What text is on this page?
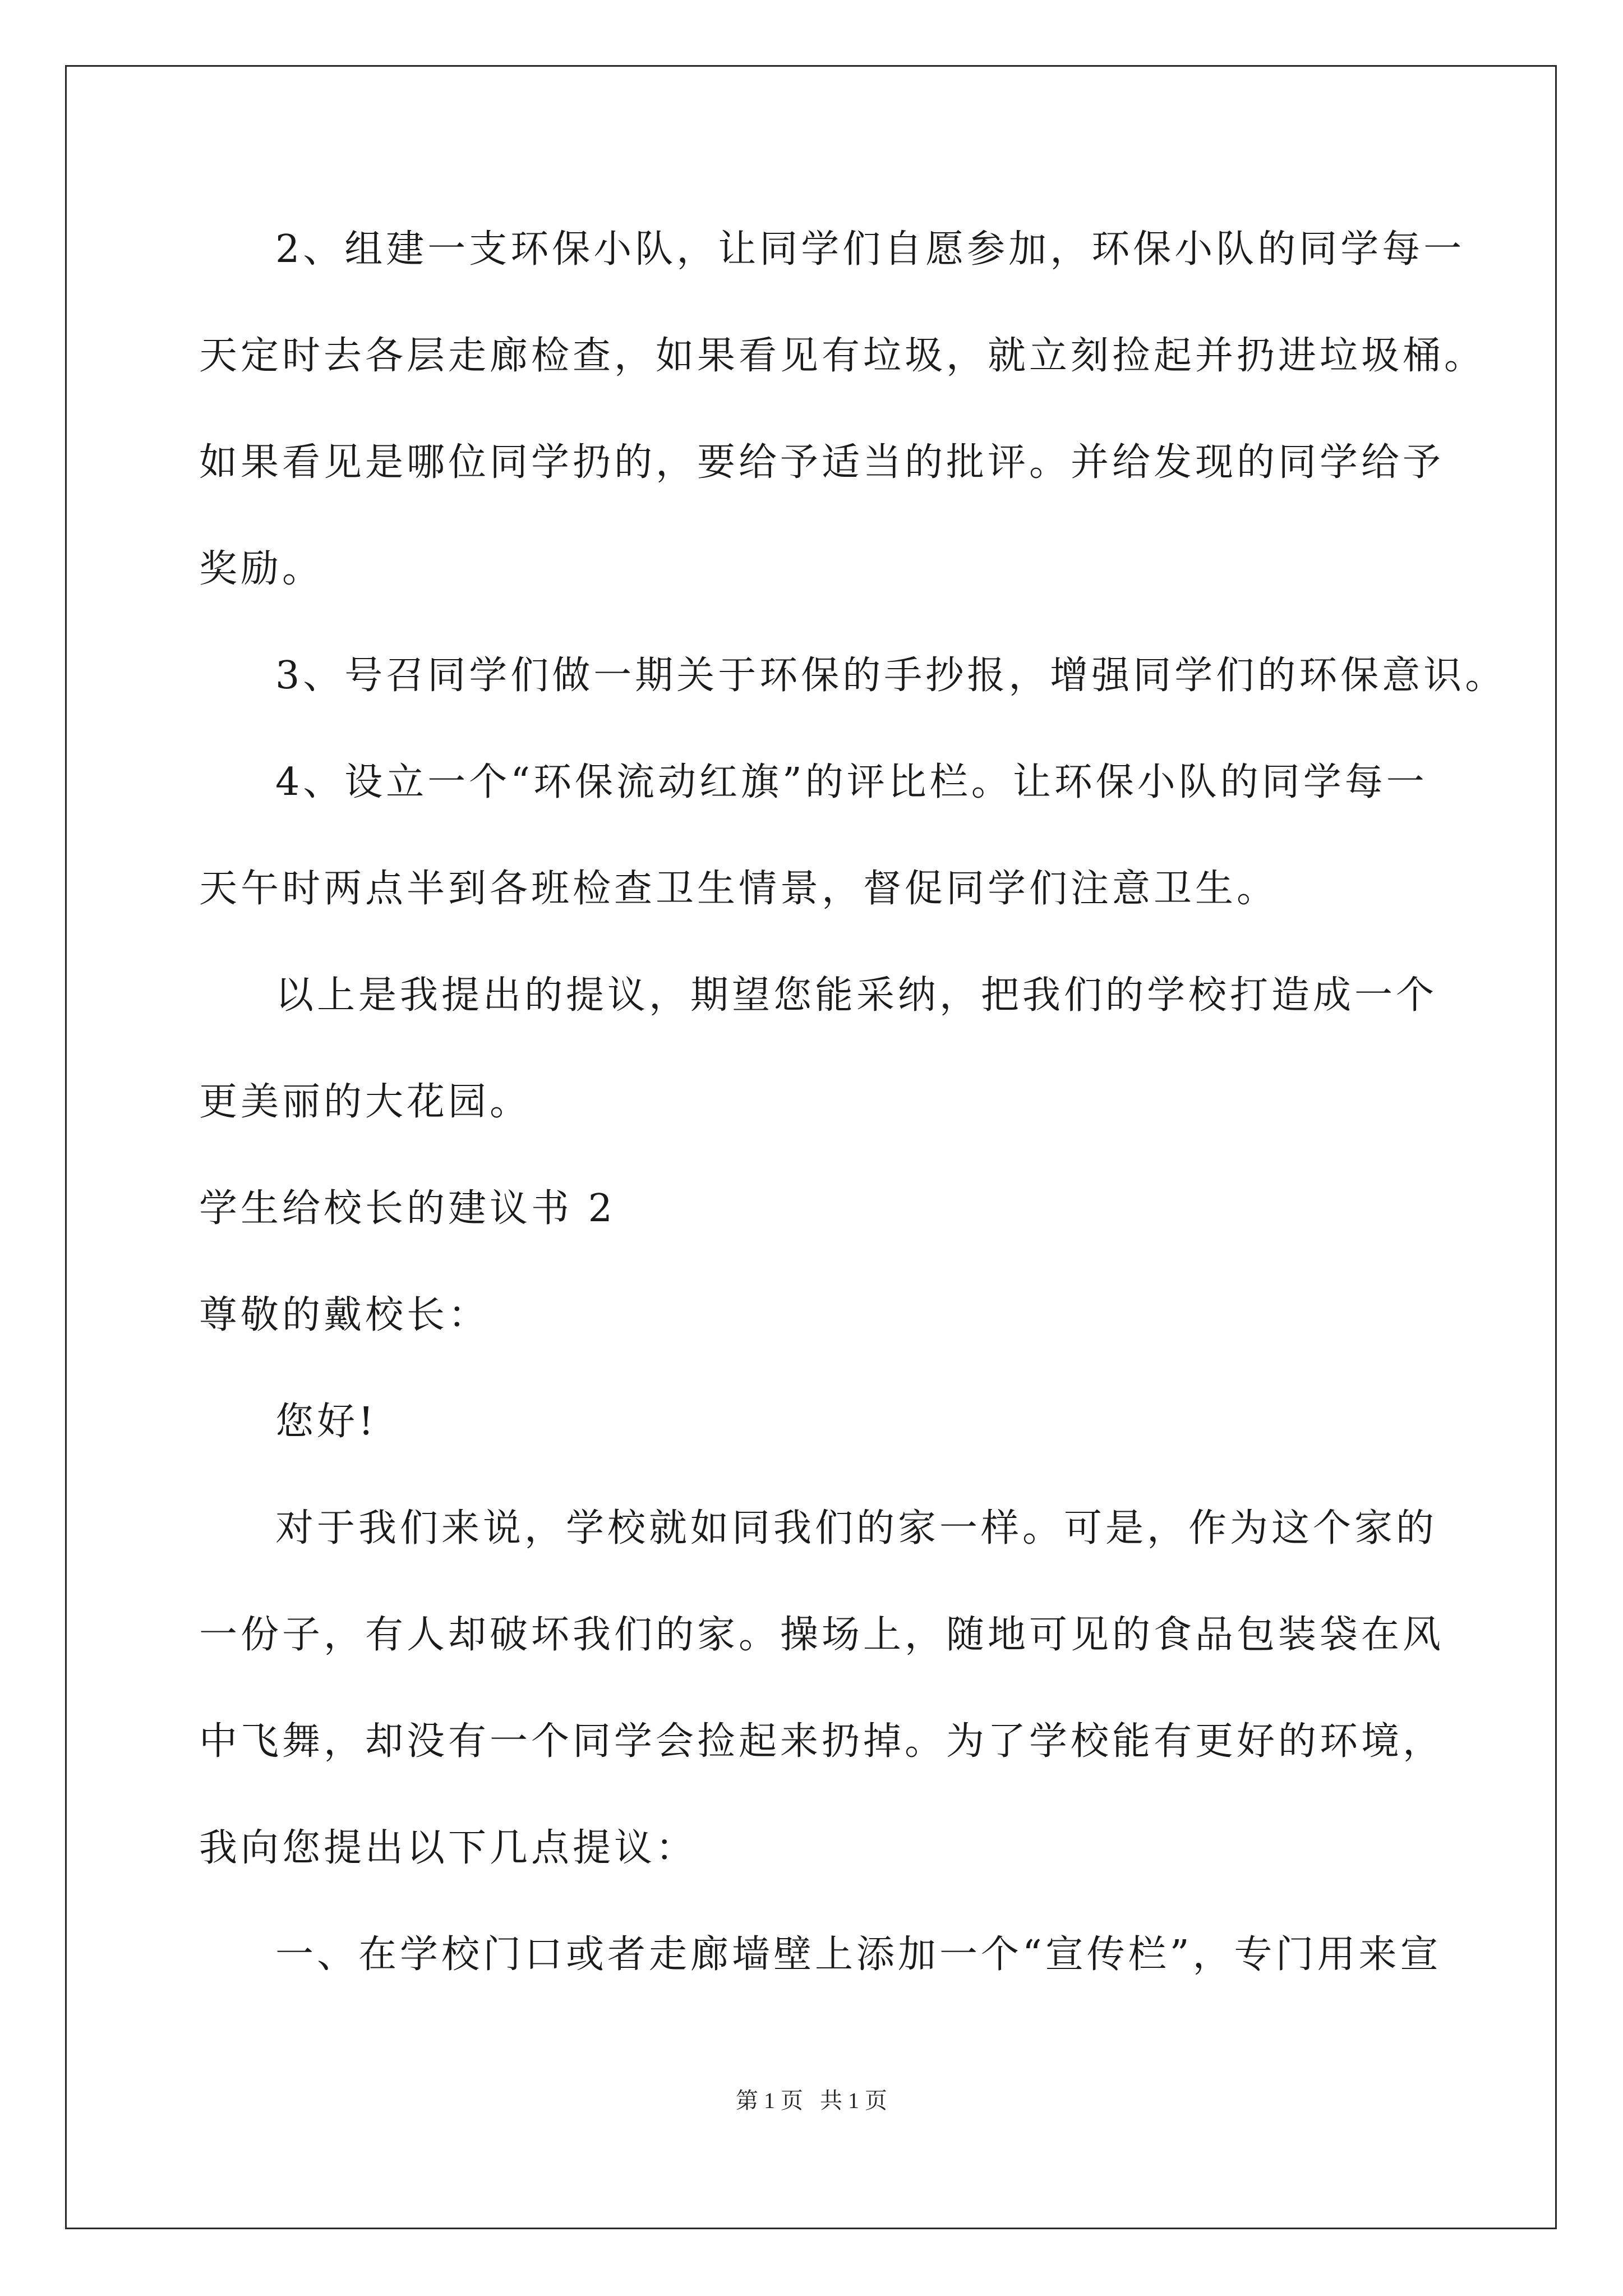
2、组建一支环保小队，让同学们自愿参加，环保小队的同学每一
天定时去各层走廊检查，如果看见有垃圾，就立刻捡起并扔进垃圾桶。
如果看见是哪位同学扔的，要给予适当的批评。并给发现的同学给予
奖励。
3、号召同学们做一期关于环保的手抄报，增强同学们的环保意识。
4、设立一个“环保流动红旗”的评比栏。让环保小队的同学每一
天午时两点半到各班检查卫生情景，督促同学们注意卫生。
以上是我提出的提议，期望您能采纳，把我们的学校打造成一个
更美丽的大花园。
学生给校长的建议书 2
尊敬的戴校长：
您好!
对于我们来说，学校就如同我们的家一样。可是，作为这个家的
一份子，有人却破坏我们的家。操场上，随地可见的食品包装袋在风
中飞舞，却没有一个同学会捡起来扔掉。为了学校能有更好的环境，
我向您提出以下几点提议：
一、在学校门口或者走廊墙壁上添加一个“宣传栏”，专门用来宣
第 1 页 共 1 页
